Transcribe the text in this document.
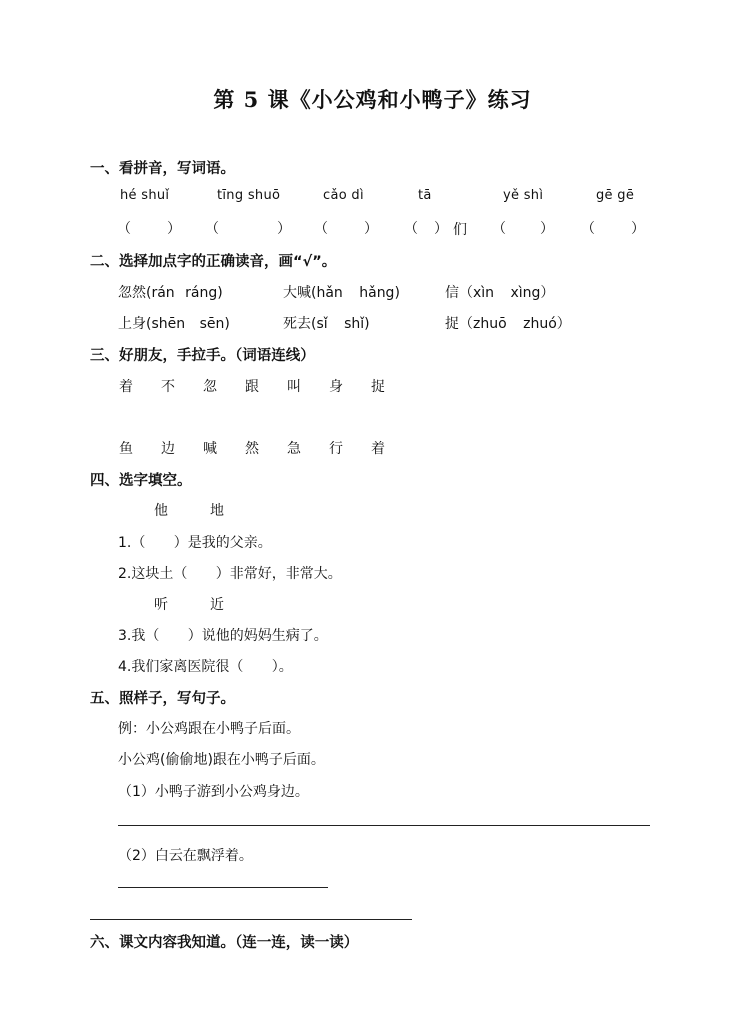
第 5 课《小公鸡和小鸭子》练习
一、看拼音，写词语。
hé shuǐ	tīng shuō	cǎo dì	tā	yě shì	gē gē
（	） （	） （	） （ ） 们 （ ） （	）
二、选择加点字的正确读音，画“√”。
忽然(rán ráng)	大喊(hǎn hǎng)	信（xìn xìng）
上身(shēn sēn)	死去(sǐ shǐ)	捉（zhuō zhuó）
三、好朋友，手拉手。（词语连线）
着 不 忽 跟 叫 身 捉
鱼 边 喊 然 急 行 着
四、选字填空。
他	地
1.（ ）是我的父亲。
2.这块土（ ）非常好，非常大。
听	近
3.我（ ）说他的妈妈生病了。
4.我们家离医院很（ ）。
五、照样子，写句子。
例：小公鸡跟在小鸭子后面。
小公鸡(偷偷地)跟在小鸭子后面。
（1）小鸭子游到小公鸡身边。
（2）白云在飘浮着。
六、课文内容我知道。（连一连，读一读）
